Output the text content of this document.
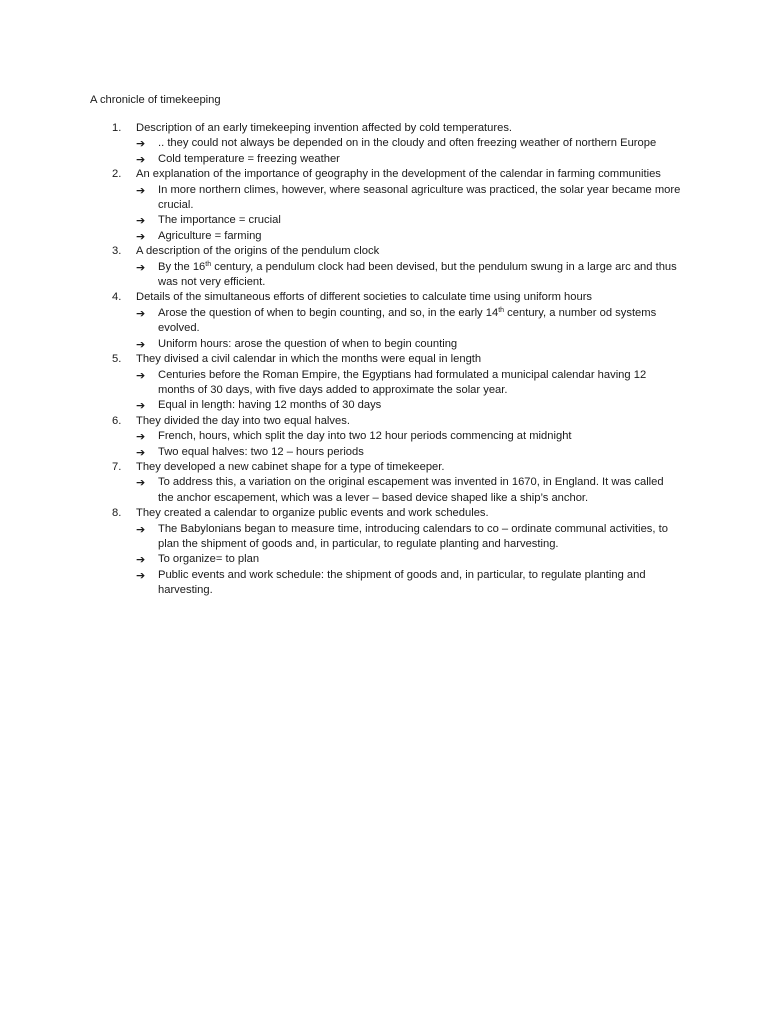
A chronicle of timekeeping
1.	Description of an early timekeeping invention affected by cold temperatures.
➔	.. they could not always be depended on in the cloudy and often freezing weather of northern Europe
➔	Cold temperature = freezing weather
2.	An explanation of the importance of geography in the development of the calendar in farming communities
➔	In more northern climes, however, where seasonal agriculture was practiced, the solar year became more crucial.
➔	The importance = crucial
➔	Agriculture = farming
3.	A description of the origins of the pendulum clock
➔	By the 16th century, a pendulum clock had been devised, but the pendulum swung in a large arc and thus was not very efficient.
4.	Details of the simultaneous efforts of different societies to calculate time using uniform hours
➔	Arose the question of when to begin counting, and so, in the early 14th century, a number od systems evolved.
➔	Uniform hours: arose the question of when to begin counting
5.	They divised a civil calendar in which the months were equal in length
➔	Centuries before the Roman Empire, the Egyptians had formulated a municipal calendar having 12 months of 30 days, with five days added to approximate the solar year.
➔	Equal in length: having 12 months of 30 days
6.	They divided the day into two equal halves.
➔	French, hours, which split the day into two 12 hour periods commencing at midnight
➔	Two equal halves: two 12 – hours periods
7.	They developed a new cabinet shape for a type of timekeeper.
➔	To address this, a variation on the original escapement was invented in 1670, in England. It was called the anchor escapement, which was a lever – based device shaped like a ship’s anchor.
8.	They created a calendar to organize public events and work schedules.
➔	The Babylonians began to measure time, introducing calendars to co – ordinate communal activities, to plan the shipment of goods and, in particular, to regulate planting and harvesting.
➔	To organize= to plan
➔	Public events and work schedule: the shipment of goods and, in particular, to regulate planting and harvesting.
